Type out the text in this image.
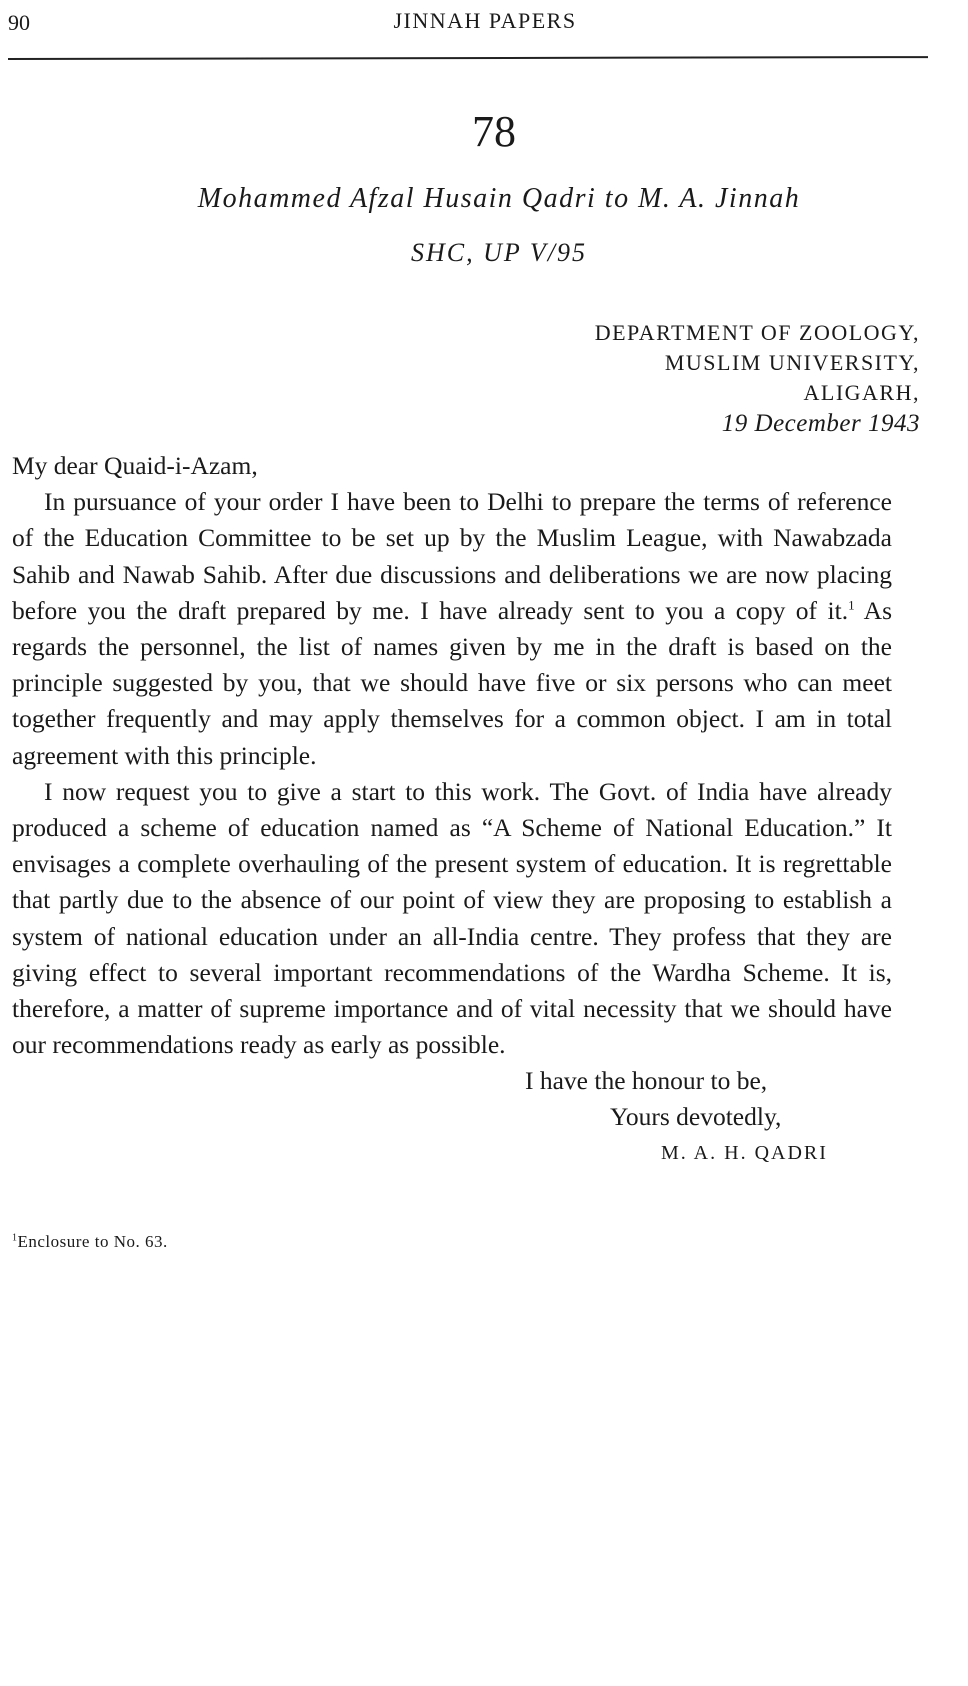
90	JINNAH PAPERS
78
Mohammed Afzal Husain Qadri to M. A. Jinnah
SHC, UP V/95
DEPARTMENT OF ZOOLOGY,
MUSLIM UNIVERSITY,
ALIGARH,
19 December 1943

My dear Quaid-i-Azam,

In pursuance of your order I have been to Delhi to prepare the terms of reference of the Education Committee to be set up by the Muslim League, with Nawabzada Sahib and Nawab Sahib. After due discussions and deliberations we are now placing before you the draft prepared by me. I have already sent to you a copy of it.$^1$ As regards the personnel, the list of names given by me in the draft is based on the principle suggested by you, that we should have five or six persons who can meet together frequently and may apply themselves for a common object. I am in total agreement with this principle.

I now request you to give a start to this work. The Govt. of India have already produced a scheme of education named as “A Scheme of National Education.” It envisages a complete overhauling of the present system of education. It is regrettable that partly due to the absence of our point of view they are proposing to establish a system of national education under an all-India centre. They profess that they are giving effect to several important recommendations of the Wardha Scheme. It is, therefore, a matter of supreme importance and of vital necessity that we should have our recommendations ready as early as possible.

I have the honour to be,
Yours devotedly,
M. A. H. QADRI
$^1$Enclosure to No. 63.
